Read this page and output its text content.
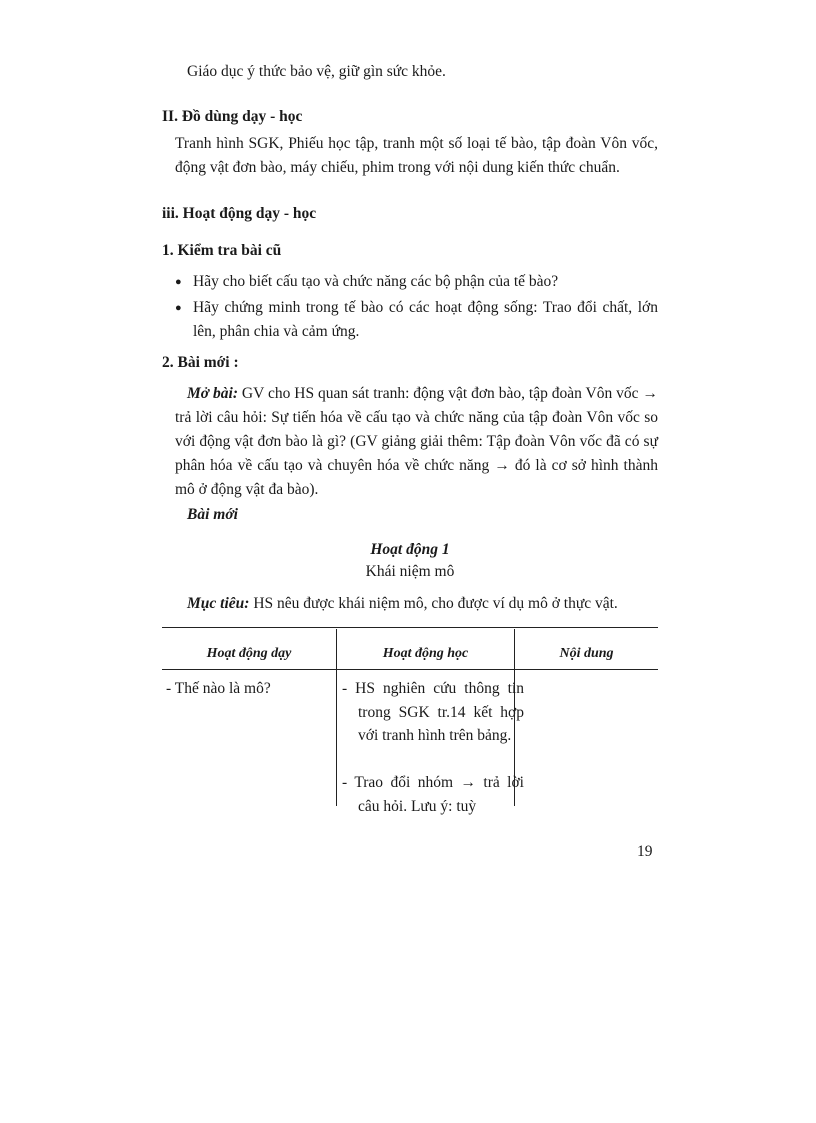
Giáo dục ý thức bảo vệ, giữ gìn sức khỏe.

II. Đồ dùng dạy - học

Tranh hình SGK, Phiếu học tập, tranh một số loại tế bào, tập đoàn Vôn vốc, động vật đơn bào, máy chiếu, phim trong với nội dung kiến thức chuẩn.

iii. Hoạt động dạy - học
1. Kiểm tra bài cũ
● Hãy cho biết cấu tạo và chức năng các bộ phận của tế bào?
● Hãy chứng minh trong tế bào có các hoạt động sống: Trao đổi chất, lớn lên, phân chia và cảm ứng.
2. Bài mới :

Mở bài: GV cho HS quan sát tranh: động vật đơn bào, tập đoàn Vôn vốc → trả lời câu hỏi: Sự tiến hóa về cấu tạo và chức năng của tập đoàn Vôn vốc so với động vật đơn bào là gì? (GV giảng giải thêm: Tập đoàn Vôn vốc đã có sự phân hóa về cấu tạo và chuyên hóa về chức năng → đó là cơ sở hình thành mô ở động vật đa bào).

Bài mới

Hoạt động 1
Khái niệm mô

Mục tiêu: HS nêu được khái niệm mô, cho được ví dụ mô ở thực vật.

Hoạt động dạy	Hoạt động học	Nội dung
- Thế nào là mô?	- HS nghiên cứu thông tin trong SGK tr.14 kết hợp với tranh hình trên bảng.
- Trao đổi nhóm → trả lời câu hỏi. Lưu ý: tuỳ
19
